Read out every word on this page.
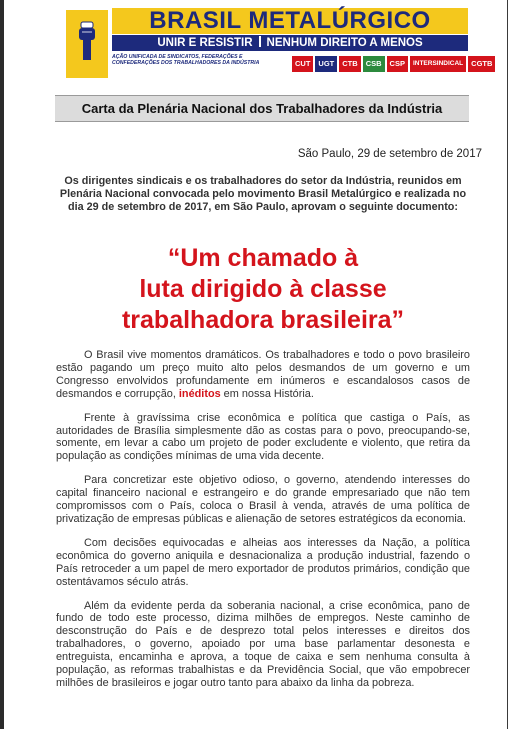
BRASIL METALÚRGICO
UNIR E RESISTIR NENHUM DIREITO A MENOS
AÇÃO UNIFICADA DE SINDICATOS, FEDERAÇÕES E CONFEDERAÇÕES DOS TRABALHADORES DA INDÚSTRIA	CUT	UGT	CTB	CSB	CSP	INTERSINDICAL	CGTB
Carta da Plenária Nacional dos Trabalhadores da Indústria
São Paulo, 29 de setembro de 2017
Os dirigentes sindicais e os trabalhadores do setor da Indústria, reunidos em Plenária Nacional convocada pelo movimento Brasil Metalúrgico e realizada no dia 29 de setembro de 2017, em São Paulo, aprovam o seguinte documento:
“Um chamado à
luta dirigido à classe
trabalhadora brasileira”

O Brasil vive momentos dramáticos. Os trabalhadores e todo o povo brasileiro estão pagando um preço muito alto pelos desmandos de um governo e um Congresso envolvidos profundamente em inúmeros e escandalosos casos de desmandos e corrupção, inéditos em nossa História.

Frente à gravíssima crise econômica e política que castiga o País, as autoridades de Brasília simplesmente dão as costas para o povo, preocupando-se, somente, em levar a cabo um projeto de poder excludente e violento, que retira da população as condições mínimas de uma vida decente.

Para concretizar este objetivo odioso, o governo, atendendo interesses do capital financeiro nacional e estrangeiro e do grande empresariado que não tem compromissos com o País, coloca o Brasil à venda, através de uma política de privatização de empresas públicas e alienação de setores estratégicos da economia.

Com decisões equivocadas e alheias aos interesses da Nação, a política econômica do governo aniquila e desnacionaliza a produção industrial, fazendo o País retroceder a um papel de mero exportador de produtos primários, condição que ostentávamos século atrás.

Além da evidente perda da soberania nacional, a crise econômica, pano de fundo de todo este processo, dizima milhões de empregos. Neste caminho de desconstrução do País e de desprezo total pelos interesses e direitos dos trabalhadores, o governo, apoiado por uma base parlamentar desonesta e entreguista, encaminha e aprova, a toque de caixa e sem nenhuma consulta à população, as reformas trabalhistas e da Previdência Social, que vão empobrecer milhões de brasileiros e jogar outro tanto para abaixo da linha da pobreza.
